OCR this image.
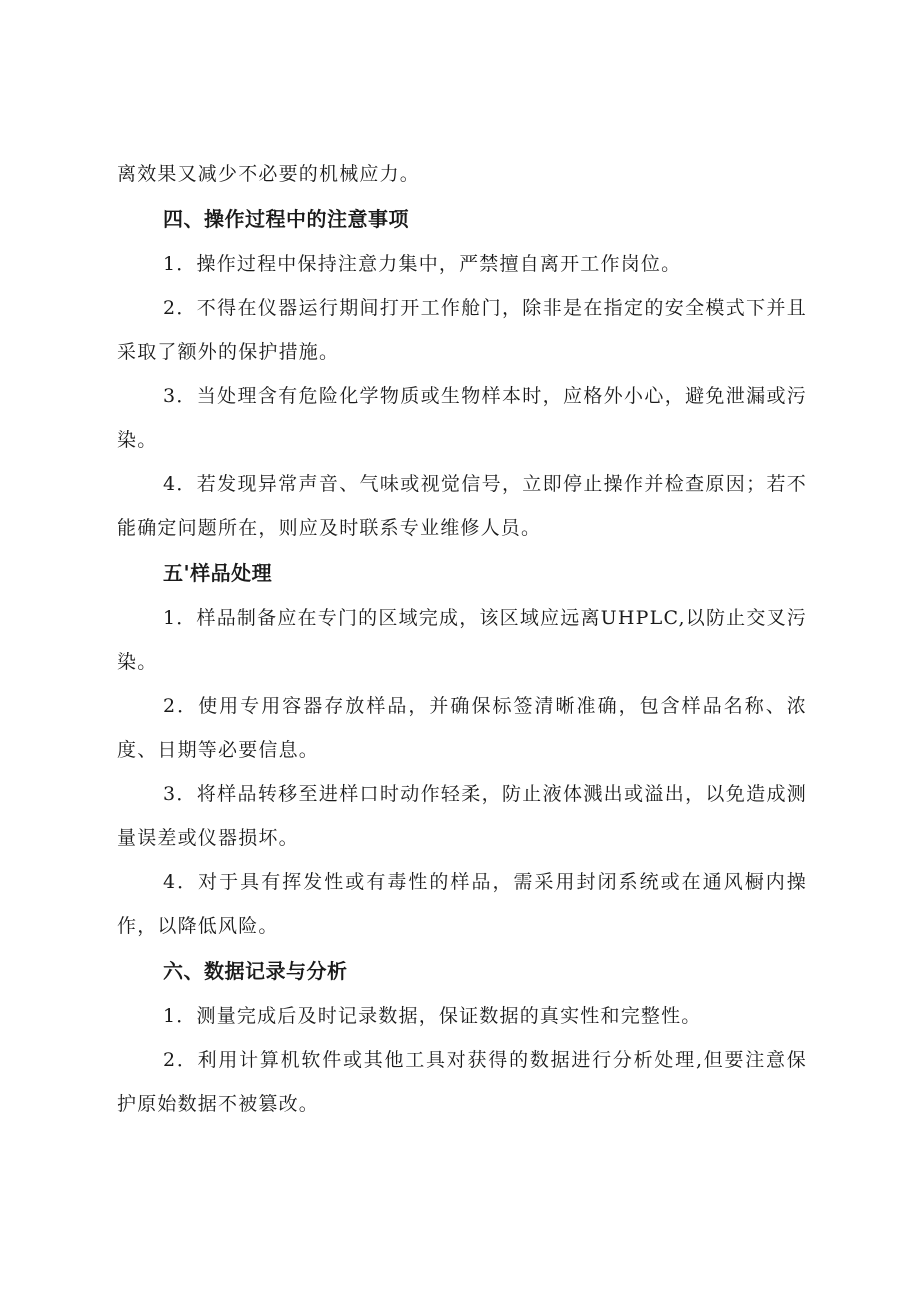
离效果又减少不必要的机械应力。

四、操作过程中的注意事项

1．操作过程中保持注意力集中，严禁擅自离开工作岗位。

2．不得在仪器运行期间打开工作舱门，除非是在指定的安全模式下并且采取了额外的保护措施。

3．当处理含有危险化学物质或生物样本时，应格外小心，避免泄漏或污染。

4．若发现异常声音、气味或视觉信号，立即停止操作并检查原因；若不能确定问题所在，则应及时联系专业维修人员。

五'样品处理

1．样品制备应在专门的区域完成，该区域应远离UHPLC,以防止交叉污染。

2．使用专用容器存放样品，并确保标签清晰准确，包含样品名称、浓度、日期等必要信息。

3．将样品转移至进样口时动作轻柔，防止液体溅出或溢出，以免造成测量误差或仪器损坏。

4．对于具有挥发性或有毒性的样品，需采用封闭系统或在通风橱内操作，以降低风险。

六、数据记录与分析

1．测量完成后及时记录数据，保证数据的真实性和完整性。

2．利用计算机软件或其他工具对获得的数据进行分析处理,但要注意保护原始数据不被篡改。
